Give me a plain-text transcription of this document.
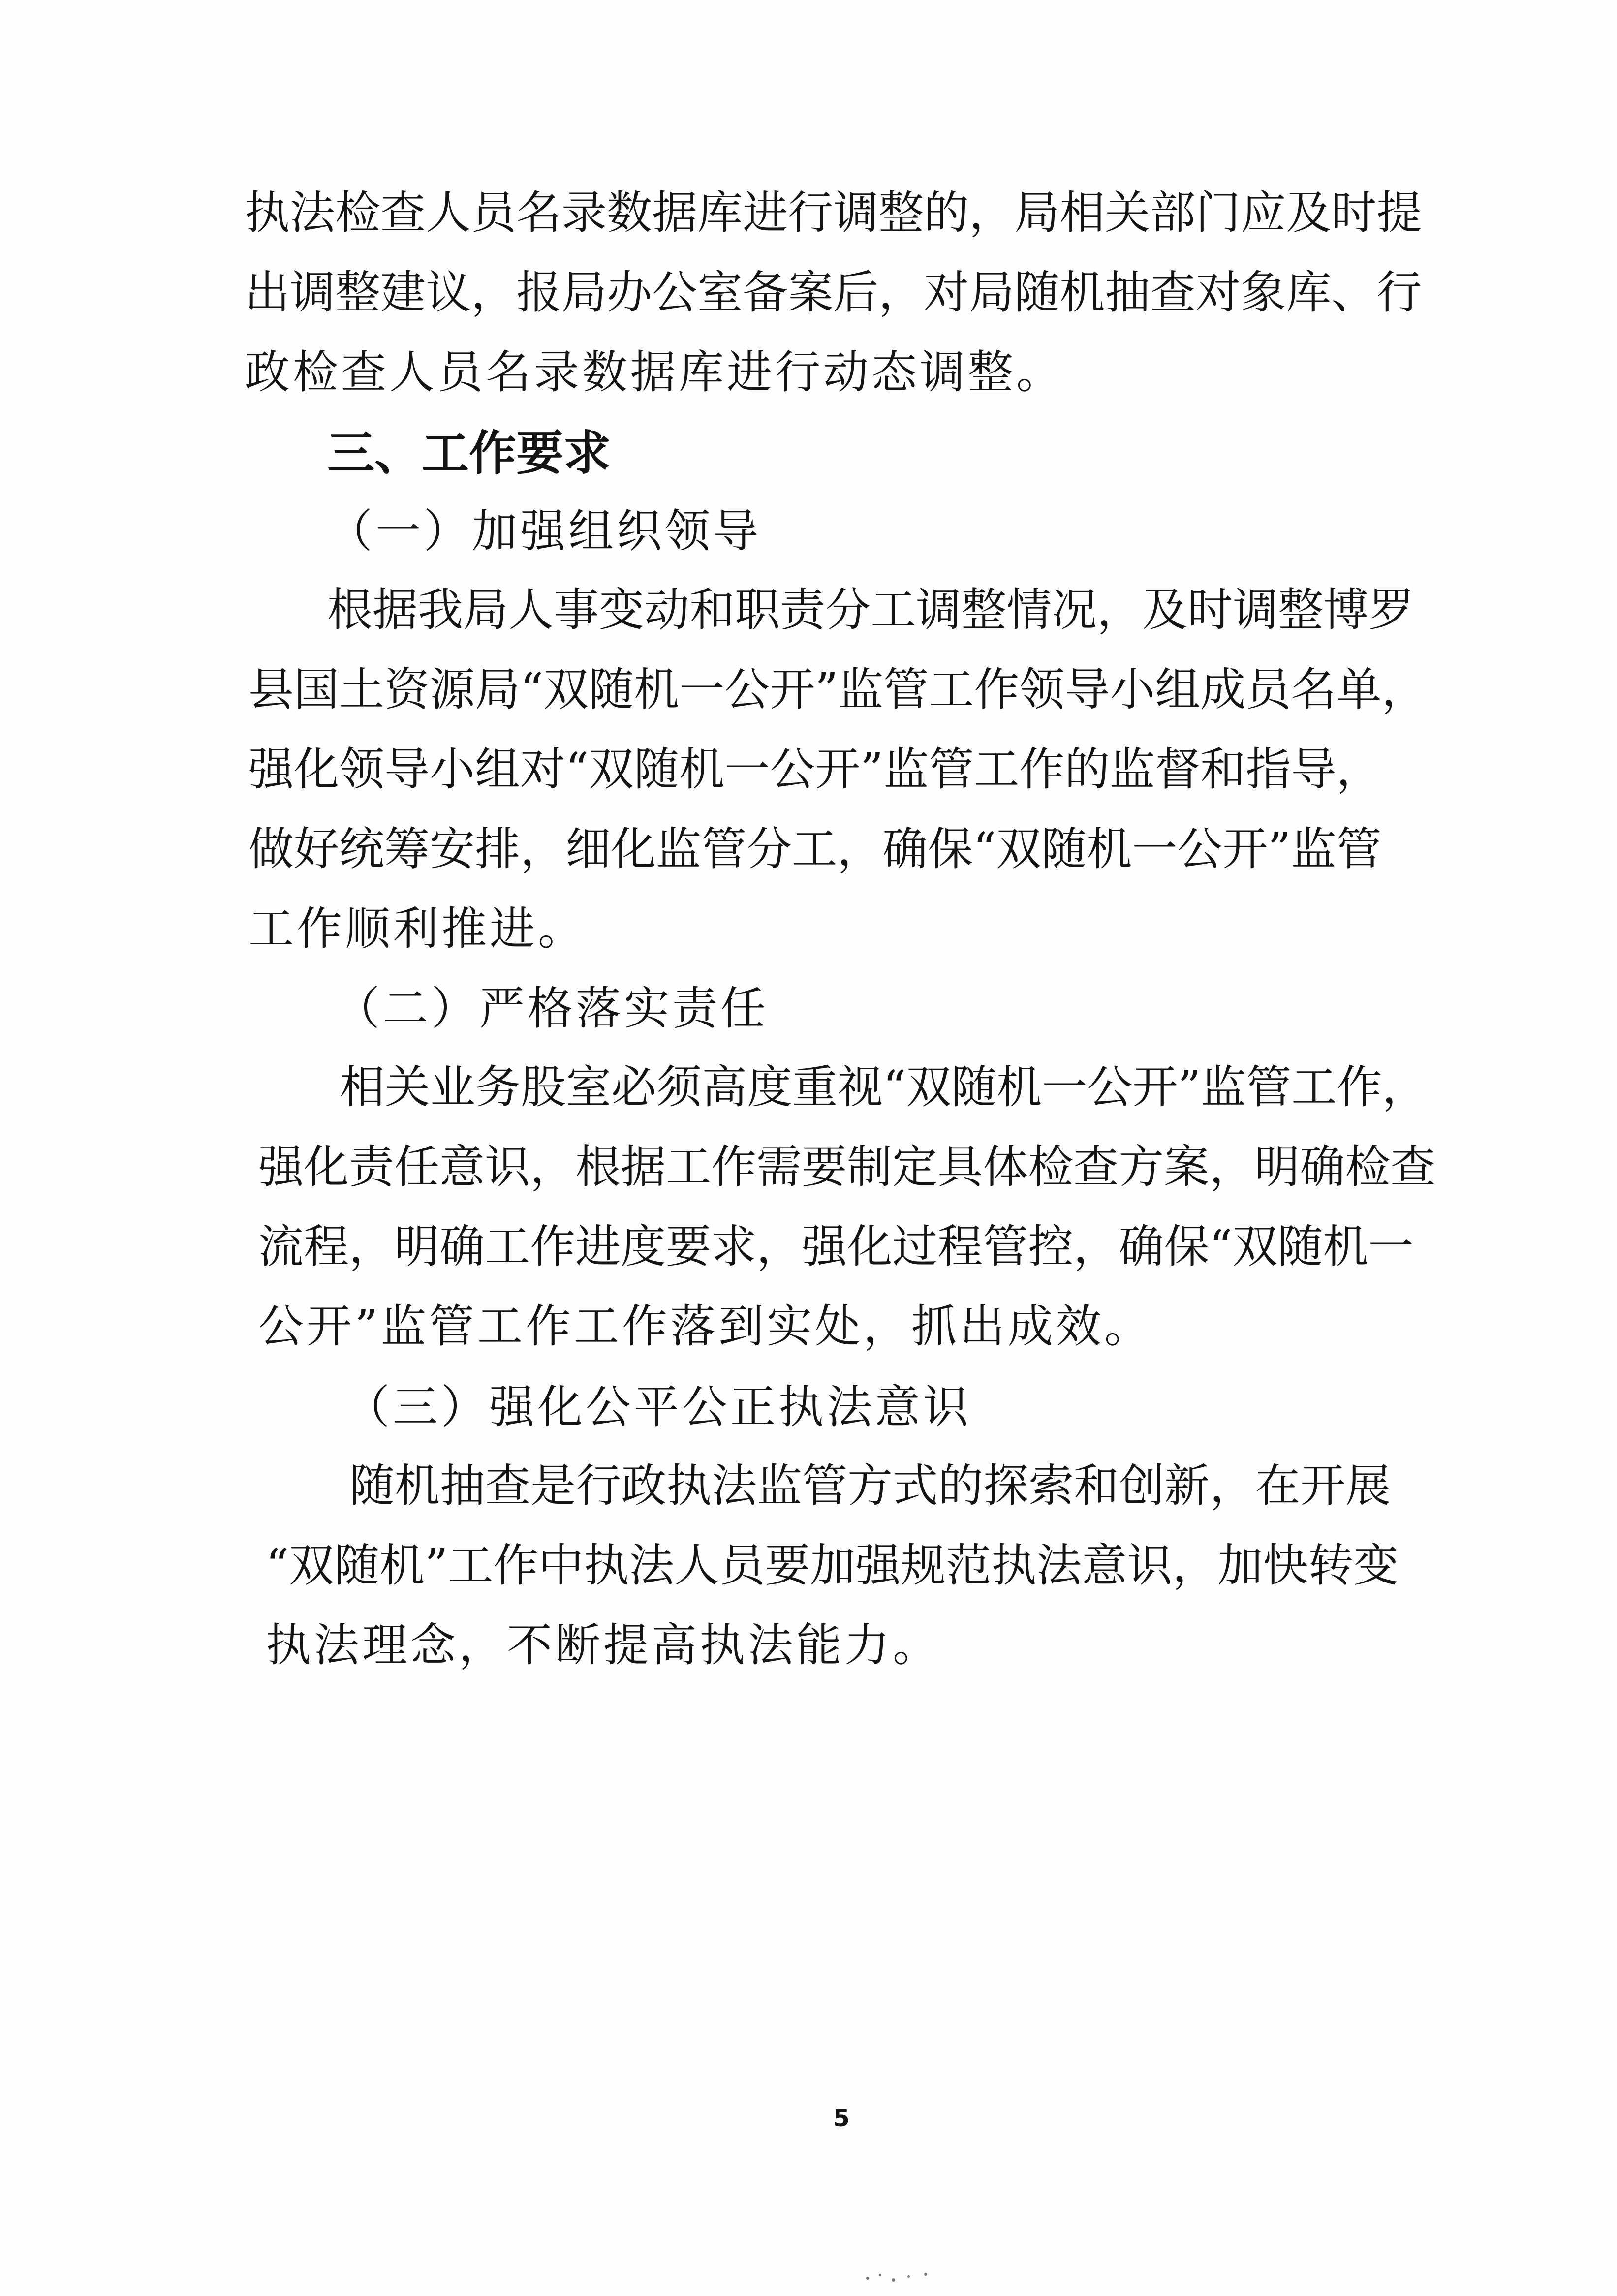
执 法 检 查 人 员 名 录 数 据 库 进 行 调 整 的 ， 局 相 关 部 门 应 及 时 提
出 调 整 建 议 ， 报 局 办 公 室 备 案 后 ， 对 局 随 机 抽 查 对 象 库 、 行
政检查人员名录数据库进行动态调整。
三、工作要求
（一）加强组织领导
根 据 我 局 人 事 变 动 和 职 责 分 工 调 整 情 况 ， 及 时 调 整 博 罗
县 国 土 资 源 局 “ 双 随 机 一 公 开 ” 监 管 工 作 领 导 小 组 成 员 名 单 ，
强 化 领 导 小 组 对 “ 双 随 机 一 公 开 ” 监 管 工 作 的 监 督 和 指 导 ，
做 好 统 筹 安 排 ， 细 化 监 管 分 工 ， 确 保 “ 双 随 机 一 公 开 ” 监 管
工作顺利推进。
（二）严格落实责任
相 关 业 务 股 室 必 须 高 度 重 视 “ 双 随 机 一 公 开 ” 监 管 工 作 ，
强 化 责 任 意 识 ， 根 据 工 作 需 要 制 定 具 体 检 查 方 案 ， 明 确 检 查
流 程 ， 明 确 工 作 进 度 要 求 ， 强 化 过 程 管 控 ， 确 保 “ 双 随 机 一
公开”监管工作工作落到实处，抓出成效。
（三）强化公平公正执法意识
随 机 抽 查 是 行 政 执 法 监 管 方 式 的 探 索 和 创 新 ， 在 开 展
“ 双 随 机 ” 工 作 中 执 法 人 员 要 加 强 规 范 执 法 意 识 ， 加 快 转 变
执法理念，不断提高执法能力。
5
